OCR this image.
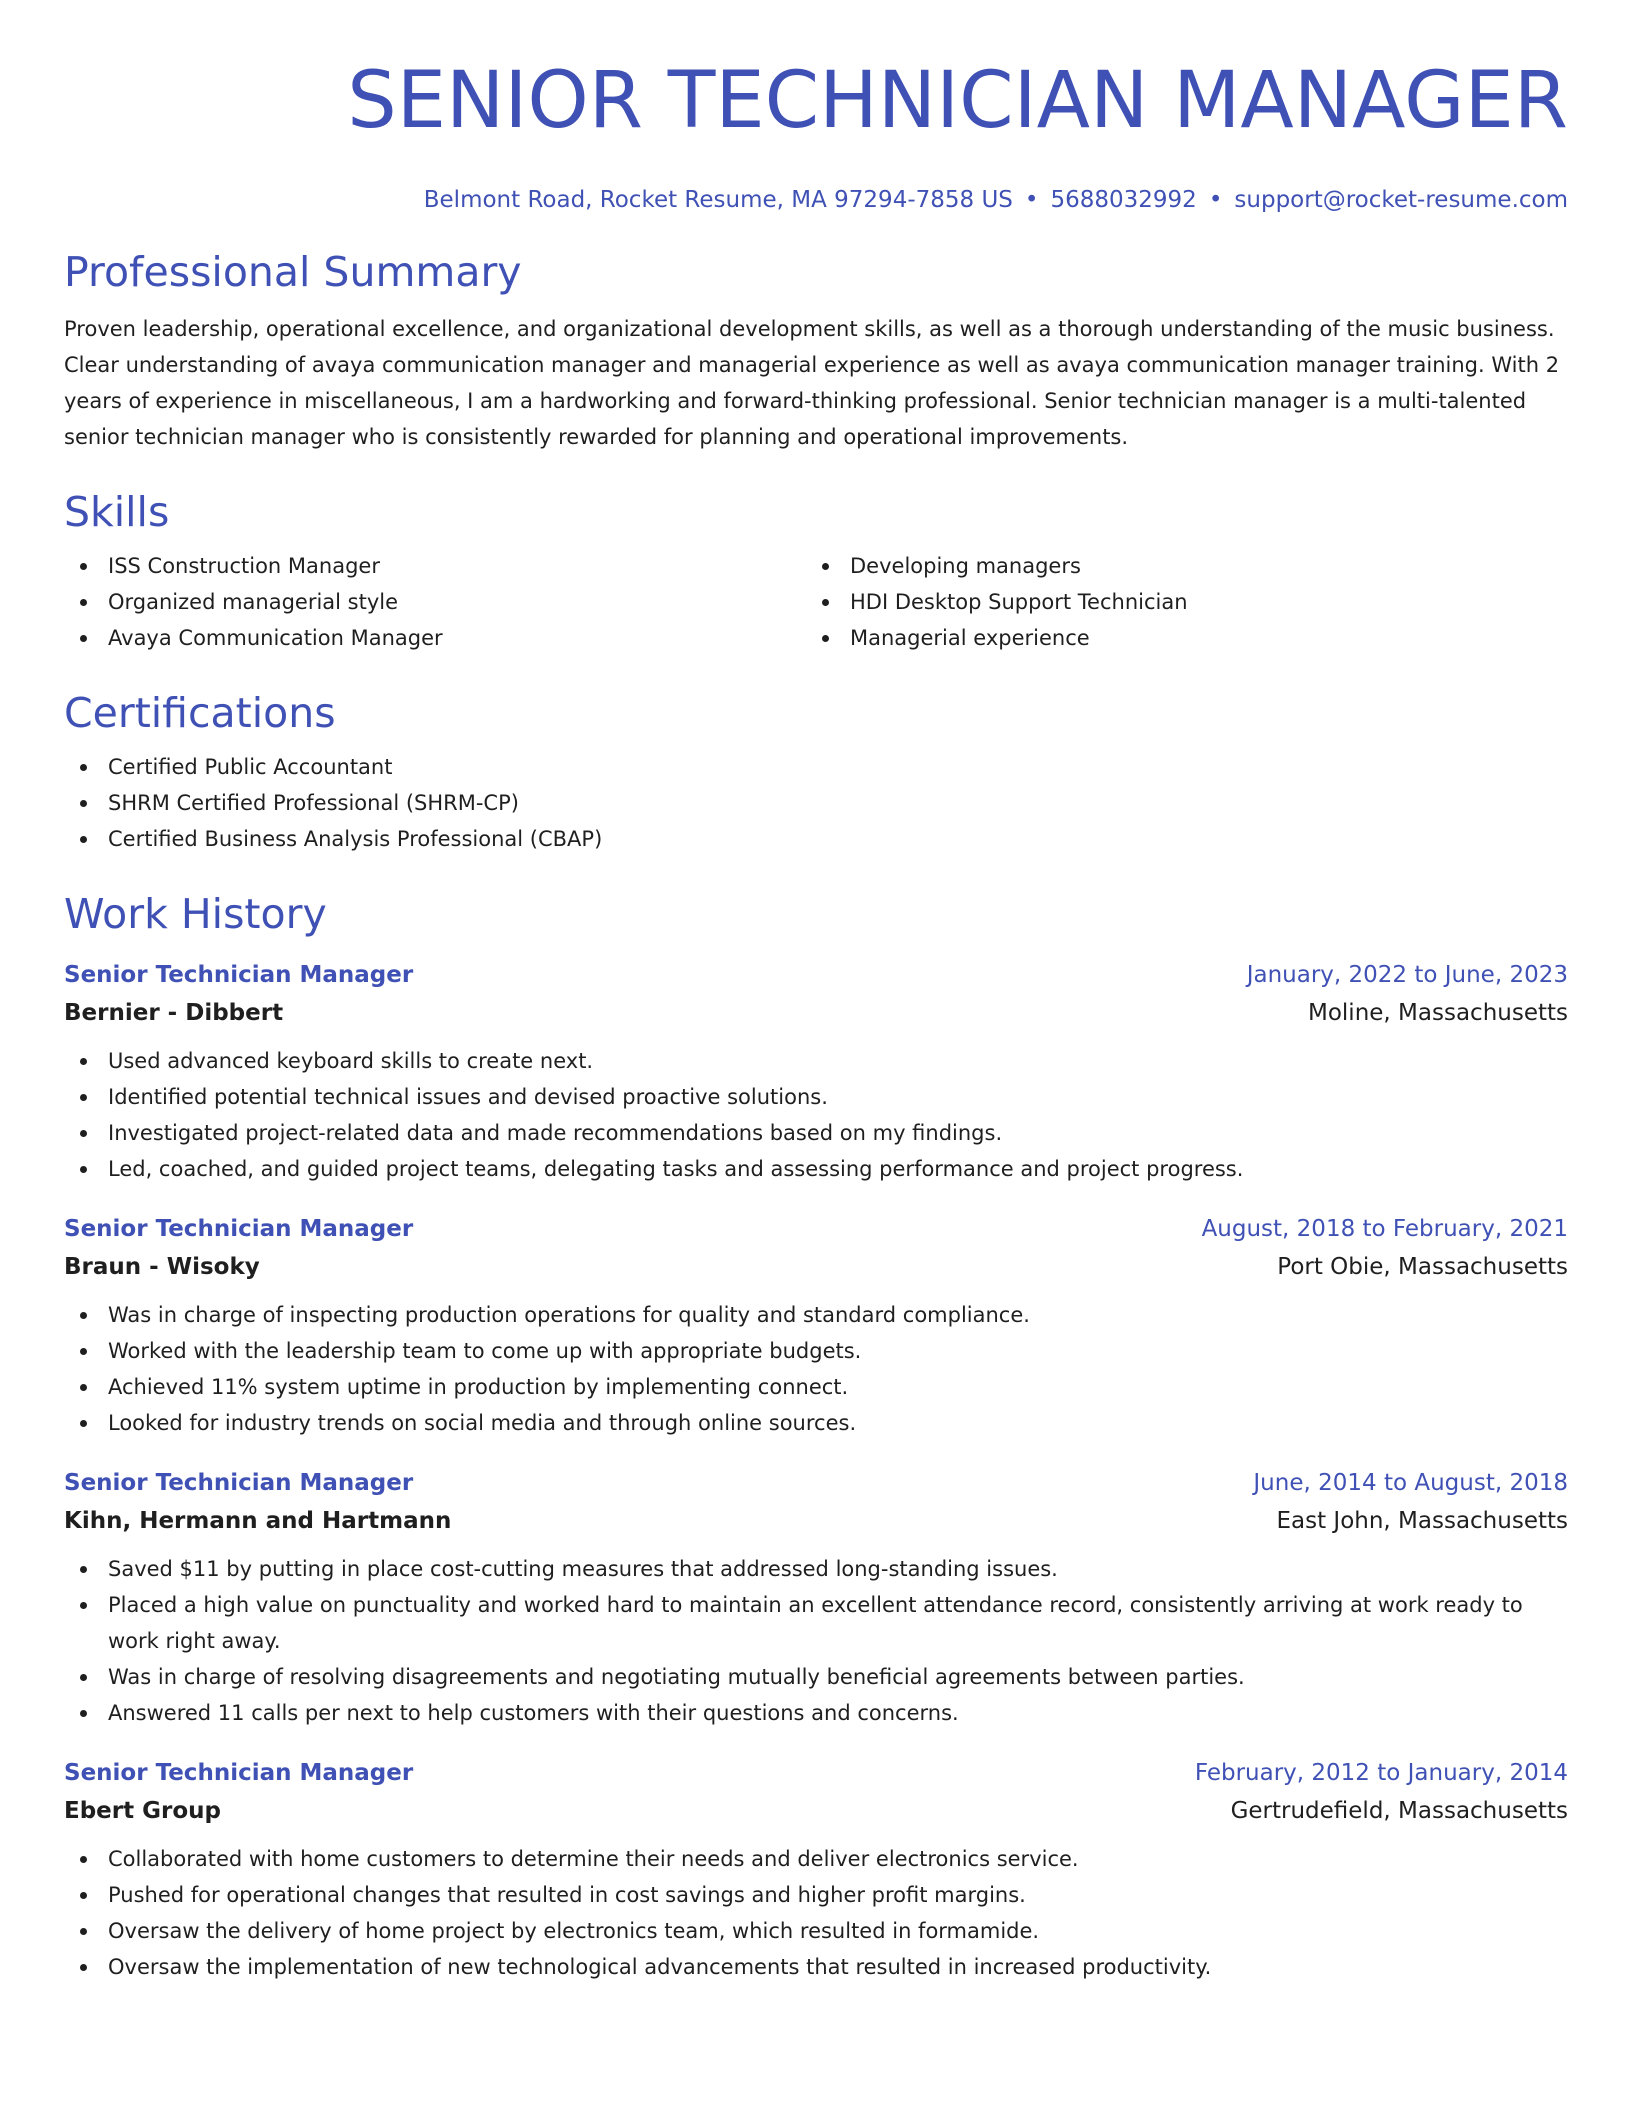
SENIOR TECHNICIAN MANAGER
Belmont Road, Rocket Resume, MA 97294-7858 US • 5688032992 • support@rocket-resume.com
Professional Summary

Proven leadership, operational excellence, and organizational development skills, as well as a thorough understanding of the music business. Clear understanding of avaya communication manager and managerial experience as well as avaya communication manager training. With 2 years of experience in miscellaneous, I am a hardworking and forward-thinking professional. Senior technician manager is a multi-talented senior technician manager who is consistently rewarded for planning and operational improvements.

Skills
ISS Construction Manager
Organized managerial style
Avaya Communication Manager
Developing managers
HDI Desktop Support Technician
Managerial experience
Certifications
Certified Public Accountant
SHRM Certified Professional (SHRM-CP)
Certified Business Analysis Professional (CBAP)
Work History
Senior Technician Manager	January, 2022 to June, 2023
Bernier - Dibbert	Moline, Massachusetts
Used advanced keyboard skills to create next.
Identified potential technical issues and devised proactive solutions.
Investigated project-related data and made recommendations based on my findings.
Led, coached, and guided project teams, delegating tasks and assessing performance and project progress.
Senior Technician Manager	August, 2018 to February, 2021
Braun - Wisoky	Port Obie, Massachusetts
Was in charge of inspecting production operations for quality and standard compliance.
Worked with the leadership team to come up with appropriate budgets.
Achieved 11% system uptime in production by implementing connect.
Looked for industry trends on social media and through online sources.
Senior Technician Manager	June, 2014 to August, 2018
Kihn, Hermann and Hartmann	East John, Massachusetts
Saved $11 by putting in place cost-cutting measures that addressed long-standing issues.
Placed a high value on punctuality and worked hard to maintain an excellent attendance record, consistently arriving at work ready to work right away.
Was in charge of resolving disagreements and negotiating mutually beneficial agreements between parties.
Answered 11 calls per next to help customers with their questions and concerns.
Senior Technician Manager	February, 2012 to January, 2014
Ebert Group	Gertrudefield, Massachusetts
Collaborated with home customers to determine their needs and deliver electronics service.
Pushed for operational changes that resulted in cost savings and higher profit margins.
Oversaw the delivery of home project by electronics team, which resulted in formamide.
Oversaw the implementation of new technological advancements that resulted in increased productivity.
